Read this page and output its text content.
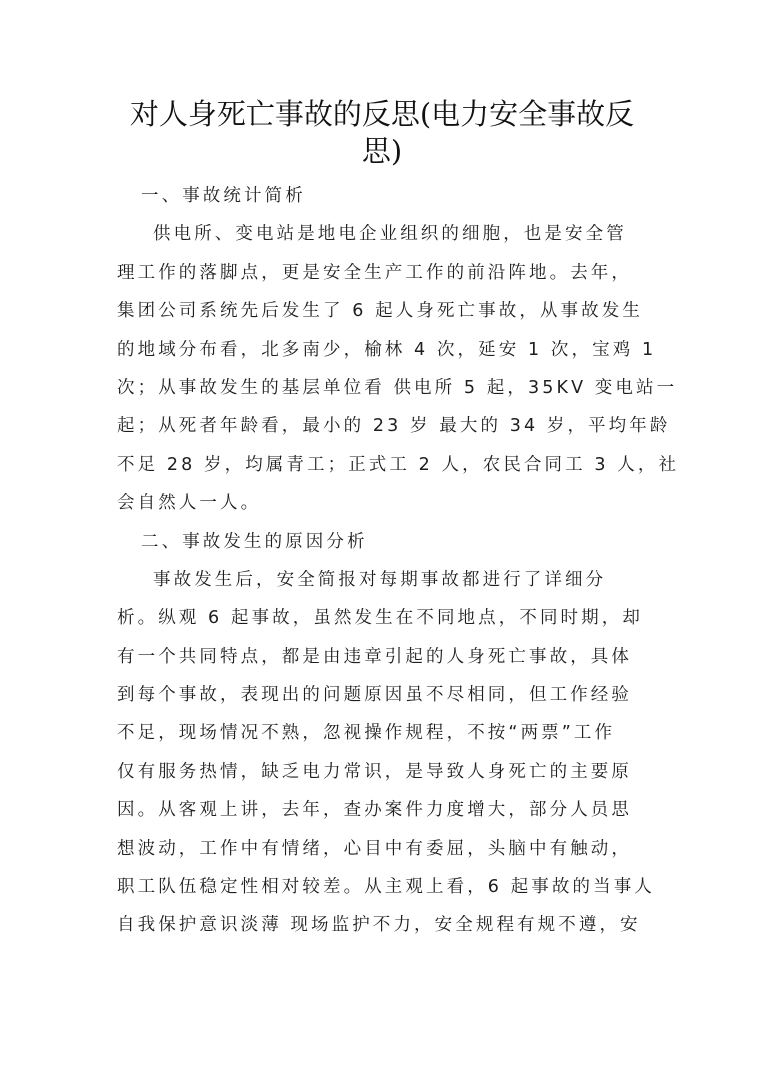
对人身死亡事故的反思(电力安全事故反
思)
一、事故统计简析
供电所、变电站是地电企业组织的细胞，也是安全管
理工作的落脚点，更是安全生产工作的前沿阵地。去年，
集团公司系统先后发生了 6 起人身死亡事故，从事故发生
的地域分布看，北多南少，榆林 4 次，延安 1 次，宝鸡 1
次；从事故发生的基层单位看 供电所 5 起，35KV 变电站一
起；从死者年龄看，最小的 23 岁 最大的 34 岁，平均年龄
不足 28 岁，均属青工；正式工 2 人，农民合同工 3 人，社
会自然人一人。
二、事故发生的原因分析
事故发生后，安全简报对每期事故都进行了详细分
析。纵观 6 起事故，虽然发生在不同地点，不同时期，却
有一个共同特点，都是由违章引起的人身死亡事故，具体
到每个事故，表现出的问题原因虽不尽相同，但工作经验
不足，现场情况不熟，忽视操作规程，不按“两票”工作
仅有服务热情，缺乏电力常识，是导致人身死亡的主要原
因。从客观上讲，去年，查办案件力度增大，部分人员思
想波动，工作中有情绪，心目中有委屈，头脑中有触动，
职工队伍稳定性相对较差。从主观上看，6 起事故的当事人
自我保护意识淡薄 现场监护不力，安全规程有规不遵，安
